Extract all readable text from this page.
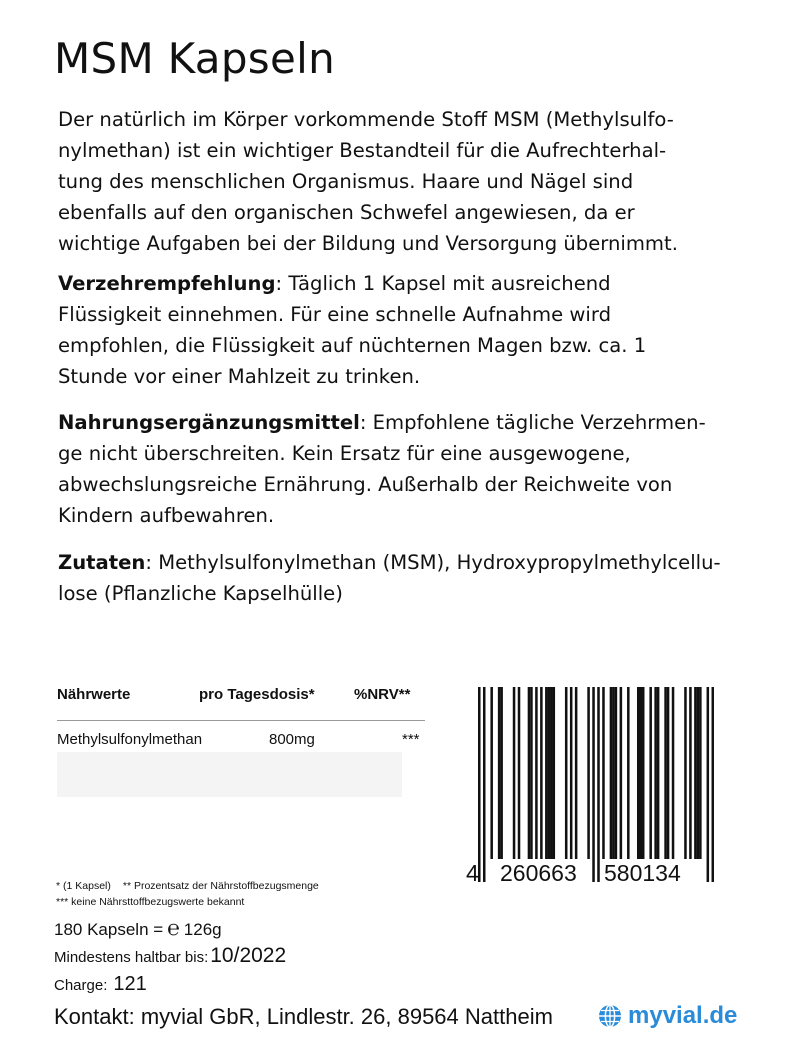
MSM Kapseln

Der natürlich im Körper vorkommende Stoff MSM (Methylsulfo-
nylmethan) ist ein wichtiger Bestandteil für die Aufrechterhal-
tung des menschlichen Organismus. Haare und Nägel sind
ebenfalls auf den organischen Schwefel angewiesen, da er
wichtige Aufgaben bei der Bildung und Versorgung übernimmt.

Verzehrempfehlung: Täglich 1 Kapsel mit ausreichend
Flüssigkeit einnehmen. Für eine schnelle Aufnahme wird
empfohlen, die Flüssigkeit auf nüchternen Magen bzw. ca. 1
Stunde vor einer Mahlzeit zu trinken.

Nahrungsergänzungsmittel: Empfohlene tägliche Verzehrmen-
ge nicht überschreiten. Kein Ersatz für eine ausgewogene,
abwechslungsreiche Ernährung. Außerhalb der Reichweite von
Kindern aufbewahren.

Zutaten: Methylsulfonylmethan (MSM), Hydroxypropylmethylcellu-
lose (Pflanzliche Kapselhülle)

Nährwerte	pro Tagesdosis*	%NRV**
Methylsulfonylmethan	800mg	***
* (1 Kapsel) ** Prozentsatz der Nährstoffbezugsmenge
*** keine Nährsttoffbezugswerte bekannt
180 Kapseln = ℮ 126g
Mindestens haltbar bis:10/2022
Charge: 121
Kontakt: myvial GbR, Lindlestr. 26, 89564 Nattheim	myvial.de
4 260663 580134
